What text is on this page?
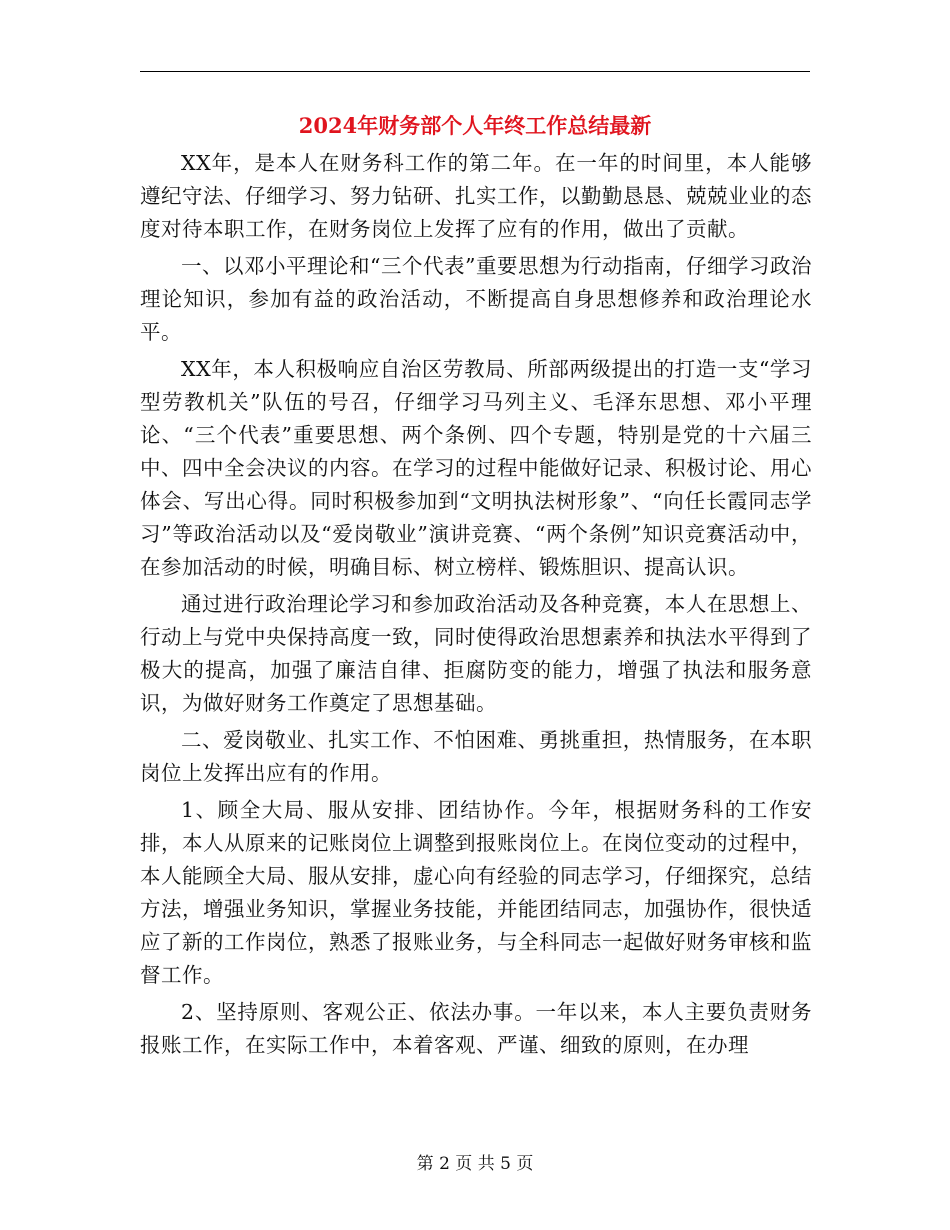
2024年财务部个人年终工作总结最新

XX年，是本人在财务科工作的第二年。在一年的时间里，本人能够遵纪守法、仔细学习、努力钻研、扎实工作，以勤勤恳恳、兢兢业业的态度对待本职工作，在财务岗位上发挥了应有的作用，做出了贡献。

一、以邓小平理论和“三个代表”重要思想为行动指南，仔细学习政治理论知识，参加有益的政治活动，不断提高自身思想修养和政治理论水平。

XX年，本人积极响应自治区劳教局、所部两级提出的打造一支“学习型劳教机关”队伍的号召，仔细学习马列主义、毛泽东思想、邓小平理论、“三个代表”重要思想、两个条例、四个专题，特别是党的十六届三中、四中全会决议的内容。在学习的过程中能做好记录、积极讨论、用心体会、写出心得。同时积极参加到“文明执法树形象”、“向任长霞同志学习”等政治活动以及“爱岗敬业”演讲竞赛、“两个条例”知识竞赛活动中，在参加活动的时候，明确目标、树立榜样、锻炼胆识、提高认识。

通过进行政治理论学习和参加政治活动及各种竞赛，本人在思想上、行动上与党中央保持高度一致，同时使得政治思想素养和执法水平得到了极大的提高，加强了廉洁自律、拒腐防变的能力，增强了执法和服务意识，为做好财务工作奠定了思想基础。

二、爱岗敬业、扎实工作、不怕困难、勇挑重担，热情服务，在本职岗位上发挥出应有的作用。

1、顾全大局、服从安排、团结协作。今年，根据财务科的工作安排，本人从原来的记账岗位上调整到报账岗位上。在岗位变动的过程中，本人能顾全大局、服从安排，虚心向有经验的同志学习，仔细探究，总结方法，增强业务知识，掌握业务技能，并能团结同志，加强协作，很快适应了新的工作岗位，熟悉了报账业务，与全科同志一起做好财务审核和监督工作。

2、坚持原则、客观公正、依法办事。一年以来，本人主要负责财务报账工作，在实际工作中，本着客观、严谨、细致的原则，在办理

第 2 页 共 5 页
